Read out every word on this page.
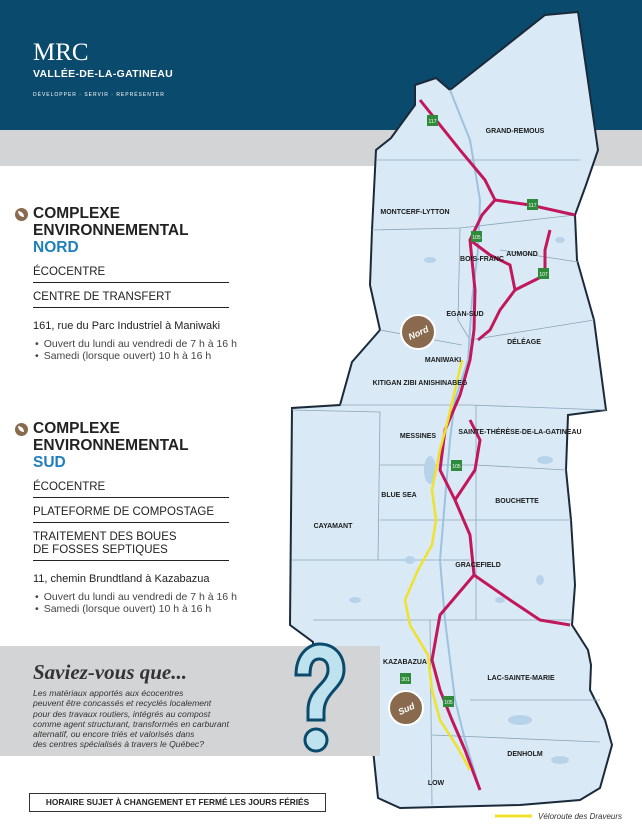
MRC
VALLÉE-DE-LA-GATINEAU
DÉVELOPPER · SERVIR · REPRÉSENTER
117
117
105
107
105
301
105
GRAND-REMOUS
MONTCERF-LYTTON
AUMOND
BOIS-FRANC
EGAN-SUD
DÉLÉAGE
MANIWAKI
KITIGAN ZIBI ANISHINABEG
MESSINES
SAINTE-THÉRÈSE-DE-LA-GATINEAU
BLUE SEA
BOUCHETTE
CAYAMANT
GRACEFIELD
KAZABAZUA
LAC-SAINTE-MARIE
DENHOLM
LOW
Nord
Sud
Véloroute des Draveurs
COMPLEXE
ENVIRONNEMENTAL
NORD
ÉCOCENTRE
CENTRE DE TRANSFERT
161, rue du Parc Industriel à Maniwaki
• Ouvert du lundi au vendredi de 7 h à 16 h
• Samedi (lorsque ouvert) 10 h à 16 h
COMPLEXE
ENVIRONNEMENTAL
SUD
ÉCOCENTRE
PLATEFORME DE COMPOSTAGE
TRAITEMENT DES BOUES
DE FOSSES SEPTIQUES
11, chemin Brundtland à Kazabazua
• Ouvert du lundi au vendredi de 7 h à 16 h
• Samedi (lorsque ouvert) 10 h à 16 h
Saviez-vous que...
Les matériaux apportés aux écocentres
peuvent être concassés et recyclés localement
pour des travaux routiers, intégrés au compost
comme agent structurant, transformés en carburant
alternatif, ou encore triés et valorisés dans
des centres spécialisés à travers le Québec?
HORAIRE SUJET À CHANGEMENT ET FERMÉ LES JOURS FÉRIÉS
